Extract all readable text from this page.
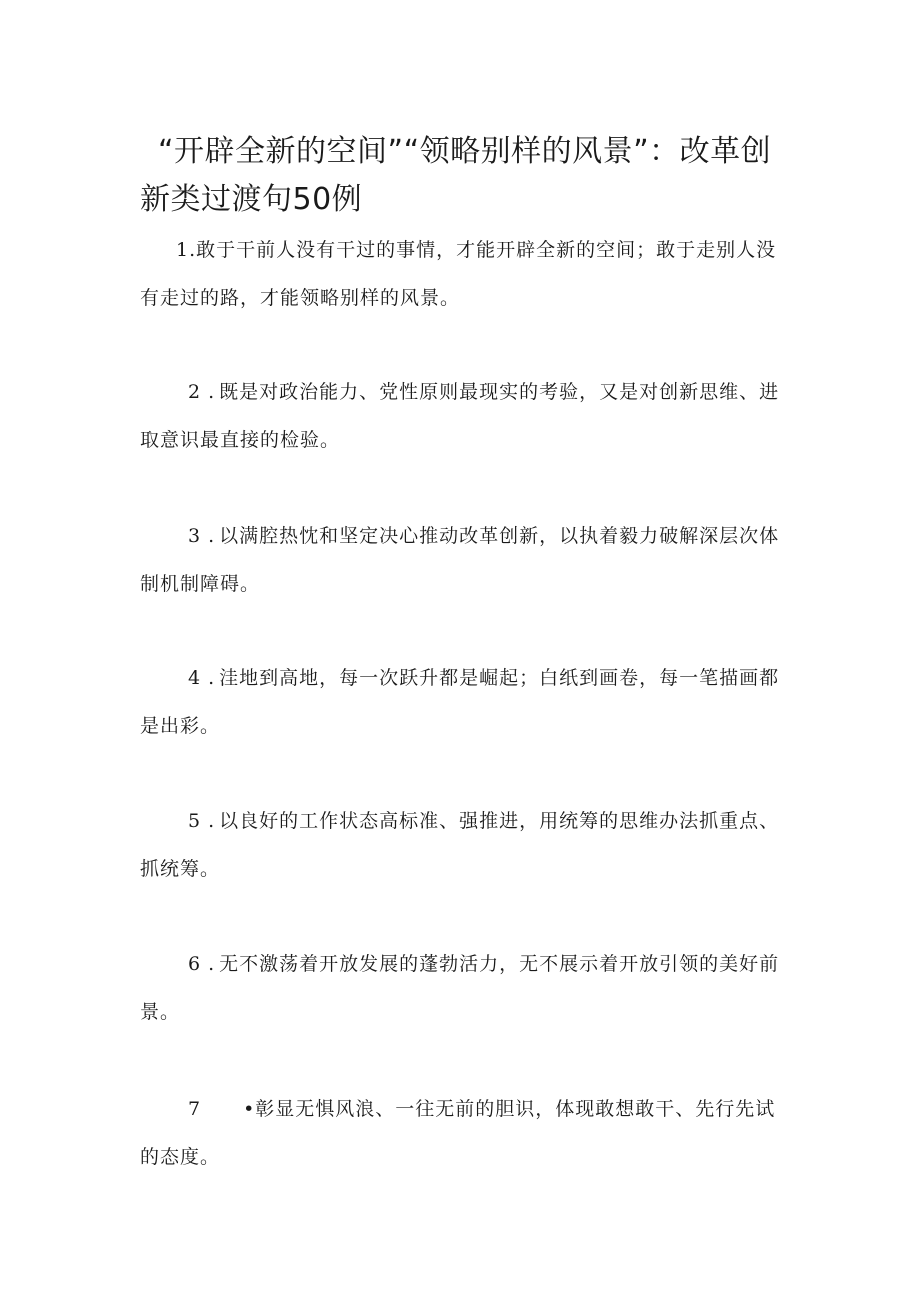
“开辟全新的空间”“领略别样的风景”：改革创新类过渡句50例

1.敢于干前人没有干过的事情，才能开辟全新的空间；敢于走别人没有走过的路，才能领略别样的风景。

2 . 既是对政治能力、党性原则最现实的考验，又是对创新思维、进取意识最直接的检验。

3 . 以满腔热忱和坚定决心推动改革创新，以执着毅力破解深层次体制机制障碍。

4 . 洼地到高地，每一次跃升都是崛起；白纸到画卷，每一笔描画都是出彩。

5 . 以良好的工作状态高标准、强推进，用统筹的思维办法抓重点、抓统筹。

6 . 无不激荡着开放发展的蓬勃活力，无不展示着开放引领的美好前景。

7 •彰显无惧风浪、一往无前的胆识，体现敢想敢干、先行先试的态度。
